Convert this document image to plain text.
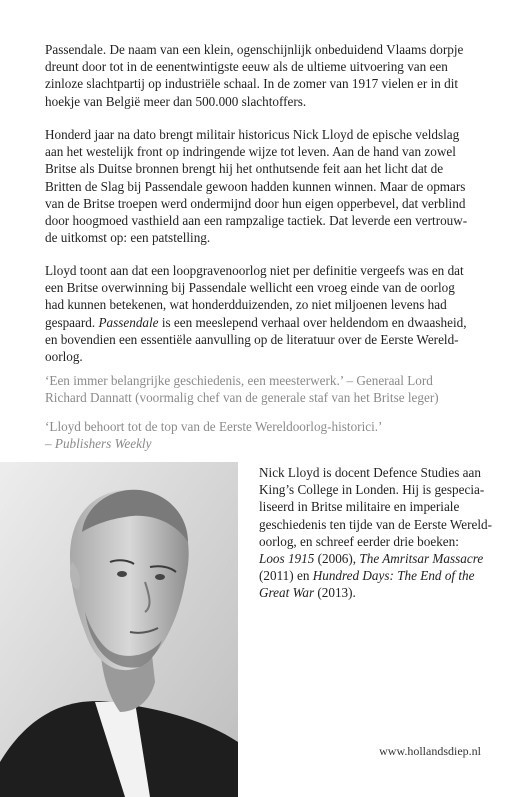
Passendale. De naam van een klein, ogenschijnlijk onbeduidend Vlaams dorpje
dreunt door tot in de eenentwintigste eeuw als de ultieme uitvoering van een
zinloze slachtpartij op industriële schaal. In de zomer van 1917 vielen er in dit
hoekje van België meer dan 500.000 slachtoffers.

Honderd jaar na dato brengt militair historicus Nick Lloyd de epische veldslag
aan het westelijk front op indringende wijze tot leven. Aan de hand van zowel
Britse als Duitse bronnen brengt hij het onthutsende feit aan het licht dat de
Britten de Slag bij Passendale gewoon hadden kunnen winnen. Maar de opmars
van de Britse troepen werd ondermijnd door hun eigen opperbevel, dat verblind
door hoogmoed vasthield aan een rampzalige tactiek. Dat leverde een vertrouw-
de uitkomst op: een patstelling.

Lloyd toont aan dat een loopgravenoorlog niet per definitie vergeefs was en dat
een Britse overwinning bij Passendale wellicht een vroeg einde van de oorlog
had kunnen betekenen, wat honderdduizenden, zo niet miljoenen levens had
gespaard. Passendale is een meeslepend verhaal over heldendom en dwaasheid,
en bovendien een essentiële aanvulling op de literatuur over de Eerste Wereld-
oorlog.

‘Een immer belangrijke geschiedenis, een meesterwerk.’ – Generaal Lord
Richard Dannatt (voormalig chef van de generale staf van het Britse leger)

‘Lloyd behoort tot de top van de Eerste Wereldoorlog-historici.’
– Publishers Weekly

Nick Lloyd is docent Defence Studies aan
King’s College in Londen. Hij is gespecia-
liseerd in Britse militaire en imperiale
geschiedenis ten tijde van de Eerste Wereld-
oorlog, en schreef eerder drie boeken:
Loos 1915 (2006), The Amritsar Massacre
(2011) en Hundred Days: The End of the
Great War (2013).

www.hollandsdiep.nl
